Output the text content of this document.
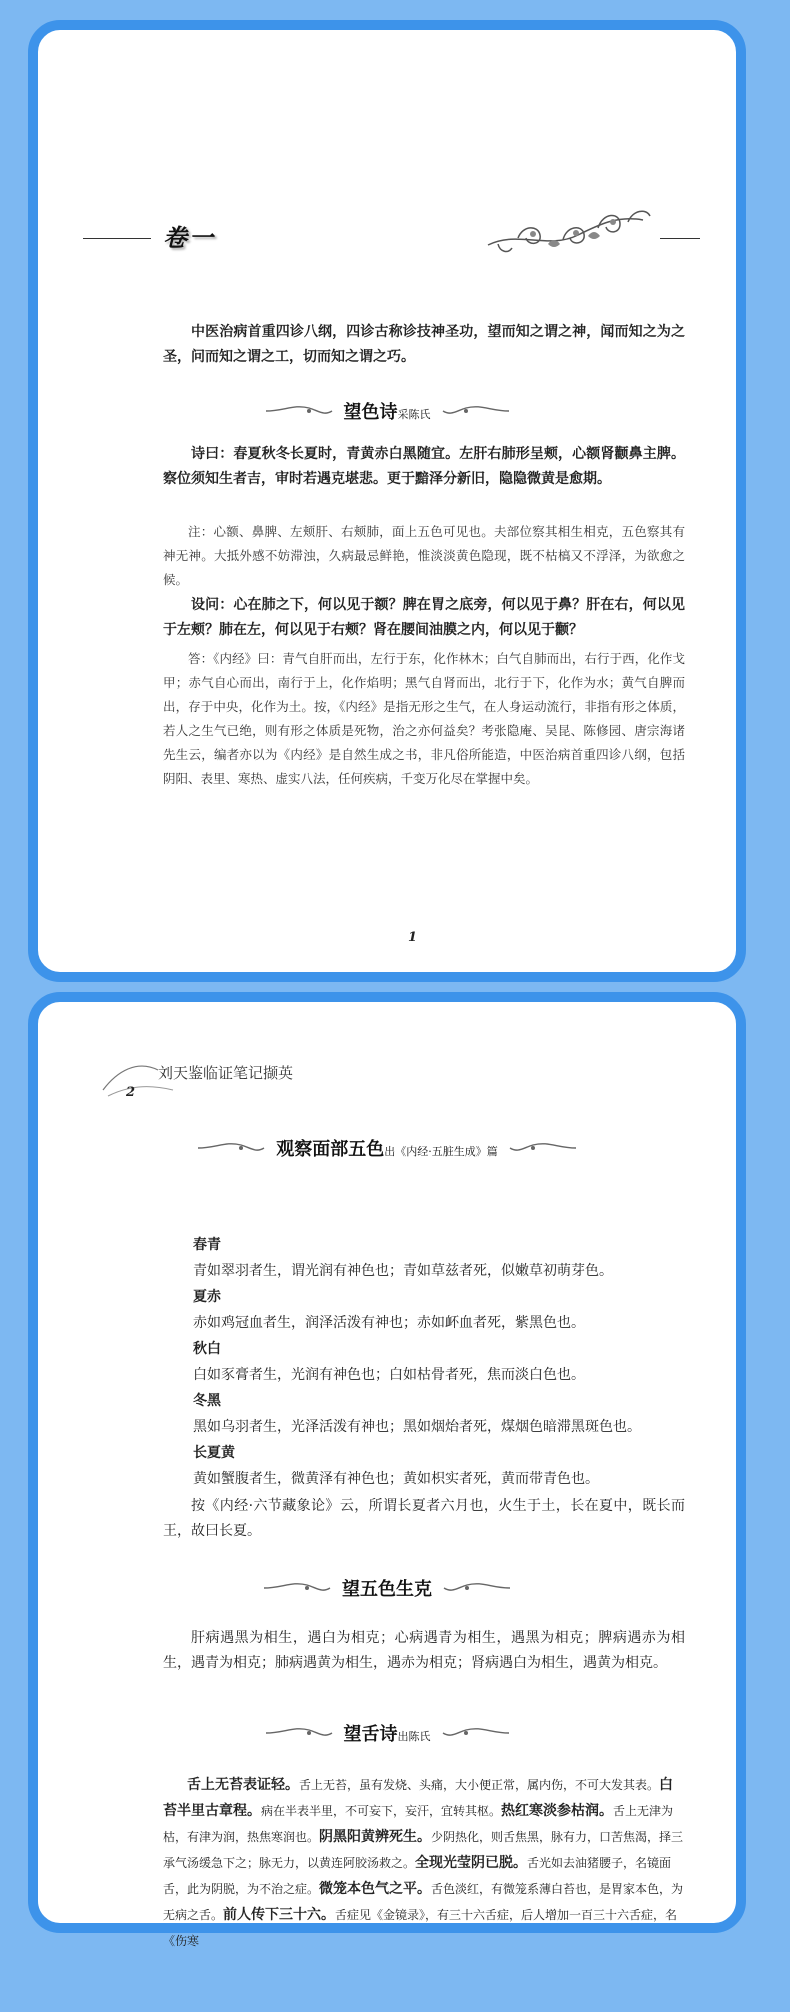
卷一

中医治病首重四诊八纲，四诊古称诊技神圣功，望而知之谓之神，闻而知之为之圣，问而知之谓之工，切而知之谓之巧。

望色诗采陈氏

诗曰：春夏秋冬长夏时，青黄赤白黑随宜。左肝右肺形呈颊，心额肾颧鼻主脾。察位须知生者吉，审时若遇克堪悲。更于黯泽分新旧，隐隐微黄是愈期。

注：心额、鼻脾、左颊肝、右颊肺，面上五色可见也。夫部位察其相生相克，五色察其有神无神。大抵外感不妨滞浊，久病最忌鲜艳，惟淡淡黄色隐现，既不枯槁又不浮泽，为欲愈之候。

设问：心在肺之下，何以见于额？脾在胃之底旁，何以见于鼻？肝在右，何以见于左颊？肺在左，何以见于右颊？肾在腰间油膜之内，何以见于颧？

答：《内经》曰：青气自肝而出，左行于东，化作林木；白气自肺而出，右行于西，化作戈甲；赤气自心而出，南行于上，化作焰明；黑气自肾而出，北行于下，化作为水；黄气自脾而出，存于中央，化作为土。按，《内经》是指无形之生气，在人身运动流行，非指有形之体质，若人之生气已绝，则有形之体质是死物，治之亦何益矣？考张隐庵、吴昆、陈修园、唐宗海诸先生云，编者亦以为《内经》是自然生成之书，非凡俗所能造，中医治病首重四诊八纲，包括阴阳、表里、寒热、虚实八法，任何疾病，千变万化尽在掌握中矣。

1
刘天鉴临证笔记撷英
2
观察面部五色出《内经·五脏生成》篇
春青
青如翠羽者生，谓光润有神色也；青如草兹者死，似嫩草初萌芽色。
夏赤
赤如鸡冠血者生，润泽活泼有神也；赤如衃血者死，紫黑色也。
秋白
白如豕膏者生，光润有神色也；白如枯骨者死，焦而淡白色也。
冬黑
黑如乌羽者生，光泽活泼有神也；黑如烟炲者死，煤烟色暗滞黑斑色也。
长夏黄
黄如蟹腹者生，微黄泽有神色也；黄如枳实者死，黄而带青色也。

按《内经·六节藏象论》云，所谓长夏者六月也，火生于土，长在夏中，既长而王，故曰长夏。

望五色生克

肝病遇黑为相生，遇白为相克；心病遇青为相生，遇黑为相克；脾病遇赤为相生，遇青为相克；肺病遇黄为相生，遇赤为相克；肾病遇白为相生，遇黄为相克。

望舌诗出陈氏

舌上无苔表证轻。舌上无苔，虽有发烧、头痛，大小便正常，属内伤，不可大发其表。白苔半里古章程。病在半表半里，不可妄下，妄汗，宜转其枢。热红寒淡参枯润。舌上无津为枯，有津为润，热焦寒润也。阴黑阳黄辨死生。少阴热化，则舌焦黑，脉有力，口苦焦渴，择三承气汤缓急下之；脉无力，以黄连阿胶汤救之。全现光莹阴已脱。舌光如去油猪腰子，名镜面舌，此为阴脱，为不治之症。微笼本色气之平。舌色淡红，有微笼系薄白苔也，是胃家本色，为无病之舌。前人传下三十六。舌症见《金镜录》，有三十六舌症，后人增加一百三十六舌症，名《伤寒
